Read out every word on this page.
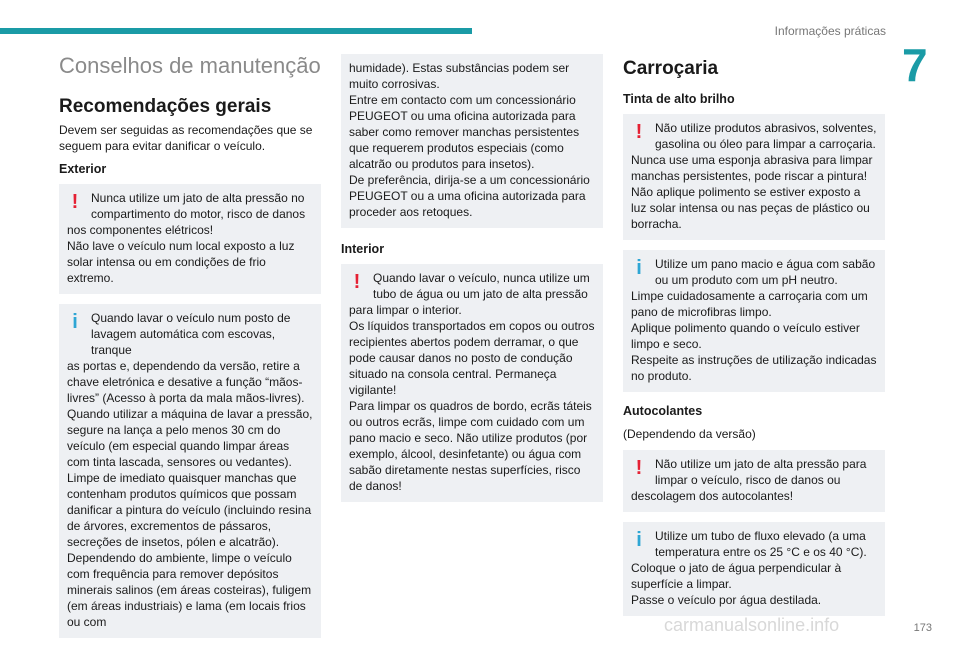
Informações práticas
7
Conselhos de manutenção
Recomendações gerais

Devem ser seguidas as recomendações que se seguem para evitar danificar o veículo.

Exterior
!	Nunca utilize um jato de alta pressão no compartimento do motor, risco de danos
nos componentes elétricos!
Não lave o veículo num local exposto a luz solar intensa ou em condições de frio extremo.
i	Quando lavar o veículo num posto de lavagem automática com escovas, tranque
as portas e, dependendo da versão, retire a chave eletrónica e desative a função “mãos-livres” (Acesso à porta da mala mãos-livres).
Quando utilizar a máquina de lavar a pressão, segure na lança a pelo menos 30 cm do veículo (em especial quando limpar áreas com tinta lascada, sensores ou vedantes).
Limpe de imediato quaisquer manchas que contenham produtos químicos que possam danificar a pintura do veículo (incluindo resina de árvores, excrementos de pássaros, secreções de insetos, pólen e alcatrão).
Dependendo do ambiente, limpe o veículo com frequência para remover depósitos minerais salinos (em áreas costeiras), fuligem (em áreas industriais) e lama (em locais frios ou com
humidade). Estas substâncias podem ser muito corrosivas.
Entre em contacto com um concessionário PEUGEOT ou uma oficina autorizada para saber como remover manchas persistentes que requerem produtos especiais (como alcatrão ou produtos para insetos).
De preferência, dirija-se a um concessionário PEUGEOT ou a uma oficina autorizada para proceder aos retoques.
Interior
!	Quando lavar o veículo, nunca utilize um tubo de água ou um jato de alta pressão
para limpar o interior.
Os líquidos transportados em copos ou outros recipientes abertos podem derramar, o que pode causar danos no posto de condução situado na consola central. Permaneça vigilante!
Para limpar os quadros de bordo, ecrãs táteis ou outros ecrãs, limpe com cuidado com um pano macio e seco. Não utilize produtos (por exemplo, álcool, desinfetante) ou água com sabão diretamente nestas superfícies, risco de danos!
Carroçaria
Tinta de alto brilho
!	Não utilize produtos abrasivos, solventes, gasolina ou óleo para limpar a carroçaria.
Nunca use uma esponja abrasiva para limpar manchas persistentes, pode riscar a pintura!
Não aplique polimento se estiver exposto a luz solar intensa ou nas peças de plástico ou borracha.
i	Utilize um pano macio e água com sabão ou um produto com um pH neutro.
Limpe cuidadosamente a carroçaria com um pano de microfibras limpo.
Aplique polimento quando o veículo estiver limpo e seco.
Respeite as instruções de utilização indicadas no produto.
Autocolantes

(Dependendo da versão)

!	Não utilize um jato de alta pressão para limpar o veículo, risco de danos ou
descolagem dos autocolantes!
i	Utilize um tubo de fluxo elevado (a uma temperatura entre os 25 °C e os 40 °C).
Coloque o jato de água perpendicular à superfície a limpar.
Passe o veículo por água destilada.
carmanualsonline.info	173
